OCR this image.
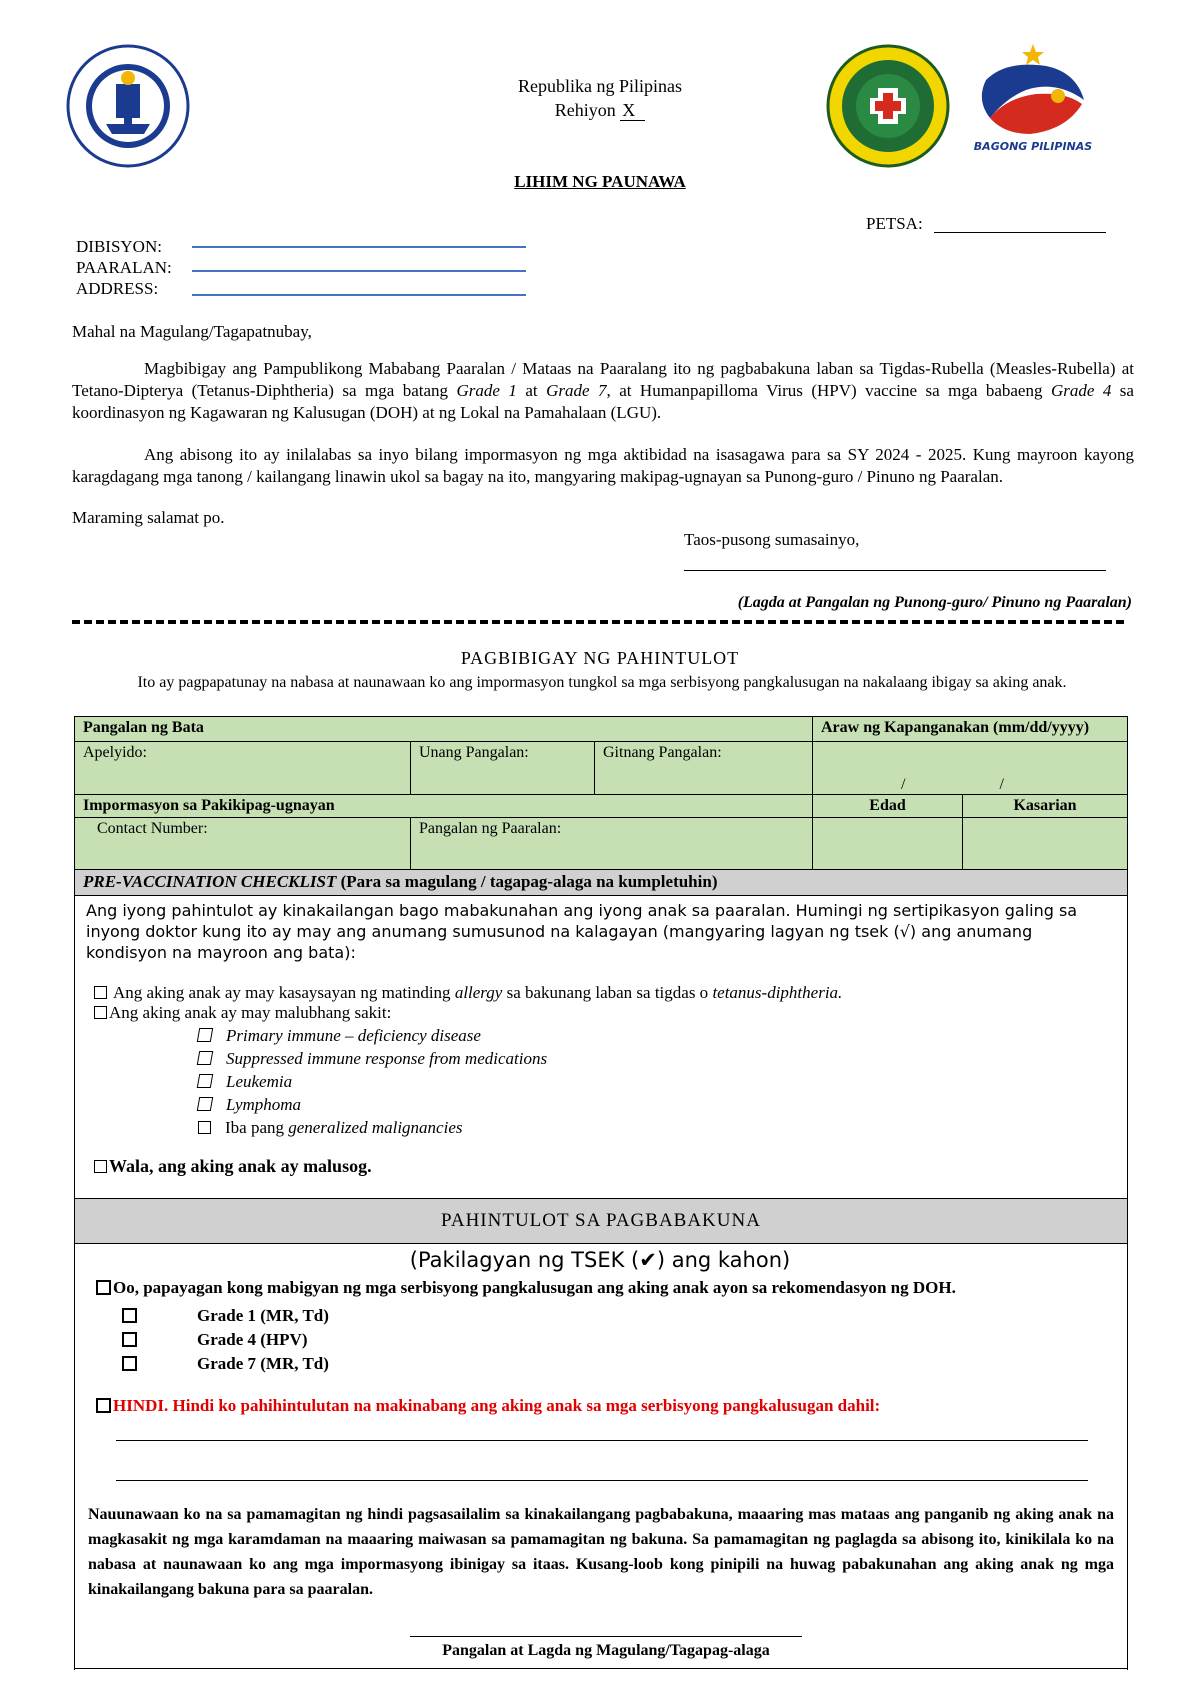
Republika ng Pilipinas
Rehiyon X
BAGONG PILIPINAS
LIHIM NG PAUNAWA
PETSA:
DIBISYON:
PAARALAN:
ADDRESS:
Mahal na Magulang/Tagapatnubay,
Magbibigay ang Pampublikong Mababang Paaralan / Mataas na Paaralang ito ng pagbabakuna laban sa Tigdas-Rubella (Measles-Rubella) at Tetano-Dipterya (Tetanus-Diphtheria) sa mga batang Grade 1 at Grade 7, at Humanpapilloma Virus (HPV) vaccine sa mga babaeng Grade 4 sa koordinasyon ng Kagawaran ng Kalusugan (DOH) at ng Lokal na Pamahalaan (LGU).
Ang abisong ito ay inilalabas sa inyo bilang impormasyon ng mga aktibidad na isasagawa para sa SY 2024 - 2025. Kung mayroon kayong karagdagang mga tanong / kailangang linawin ukol sa bagay na ito, mangyaring makipag-ugnayan sa Punong-guro / Pinuno ng Paaralan.
Maraming salamat po.
Taos-pusong sumasainyo,
(Lagda at Pangalan ng Punong-guro/ Pinuno ng Paaralan)
PAGBIBIGAY NG PAHINTULOT
Ito ay pagpapatunay na nabasa at naunawaan ko ang impormasyon tungkol sa mga serbisyong pangkalusugan na nakalaang ibigay sa aking anak.
Pangalan ng Bata			Araw ng Kapanganakan (mm/dd/yyyy)	
Apelyido:	Unang Pangalan:	Gitnang Pangalan:	/ /	
Impormasyon sa Pakikipag-ugnayan			Edad	Kasarian
Contact Number:	Pangalan ng Paaralan:			
PRE-VACCINATION CHECKLIST (Para sa magulang / tagapag-alaga na kumpletuhin)				
Ang iyong pahintulot ay kinakailangan bago mabakunahan ang iyong anak sa paaralan. Humingi ng sertipikasyon galing sa inyong doktor kung ito ay may ang anumang sumusunod na kalagayan (mangyaring lagyan ng tsek (√) ang anumang kondisyon na mayroon ang bata):
Ang aking anak ay may kasaysayan ng matinding allergy sa bakunang laban sa tigdas o tetanus-diphtheria.
Ang aking anak ay may malubhang sakit:
Primary immune – deficiency disease
Suppressed immune response from medications
Leukemia
Lymphoma
Iba pang generalized malignancies
Wala, ang aking anak ay malusog.
PAHINTULOT SA PAGBABAKUNA
(Pakilagyan ng TSEK (✔) ang kahon)
Oo, papayagan kong mabigyan ng mga serbisyong pangkalusugan ang aking anak ayon sa rekomendasyon ng DOH.
Grade 1 (MR, Td)
Grade 4 (HPV)
Grade 7 (MR, Td)
HINDI. Hindi ko pahihintulutan na makinabang ang aking anak sa mga serbisyong pangkalusugan dahil:
Nauunawaan ko na sa pamamagitan ng hindi pagsasailalim sa kinakailangang pagbabakuna, maaaring mas mataas ang panganib ng aking anak na magkasakit ng mga karamdaman na maaaring maiwasan sa pamamagitan ng bakuna. Sa pamamagitan ng paglagda sa abisong ito, kinikilala ko na nabasa at naunawaan ko ang mga impormasyong ibinigay sa itaas. Kusang-loob kong pinipili na huwag pabakunahan ang aking anak ng mga kinakailangang bakuna para sa paaralan.
Pangalan at Lagda ng Magulang/Tagapag-alaga
